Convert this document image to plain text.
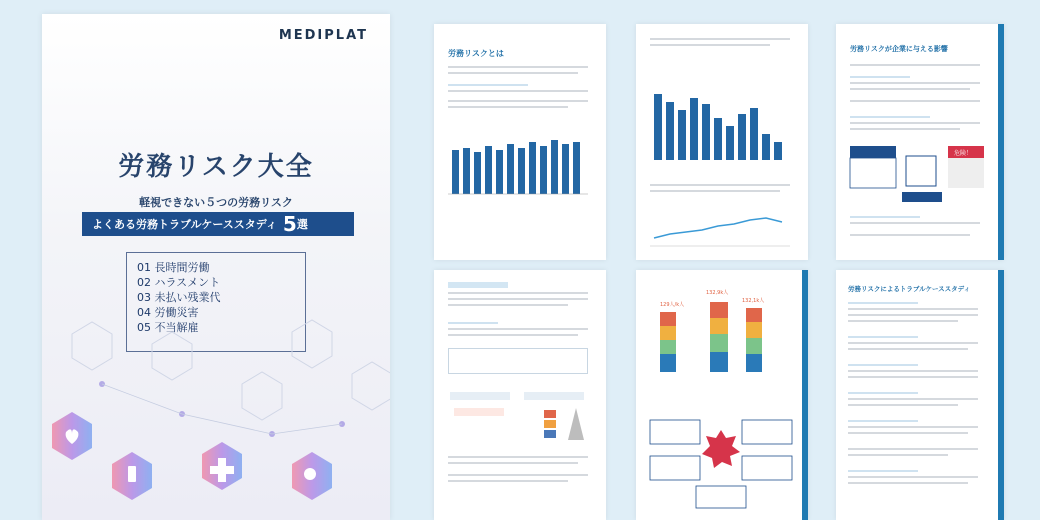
MEDIPLAT
労務リスク大全
軽視できない５つの労務リスク
よくある労務トラブルケーススタディ 5 選
01 長時間労働
02 ハラスメント
03 未払い残業代
04 労働災害
05 不当解雇
労務リスクとは	労務リスクが企業に与える影響
危険！
129人/k人
132,9k人
132,1k人
労務リスクによるトラブルケーススタディ
